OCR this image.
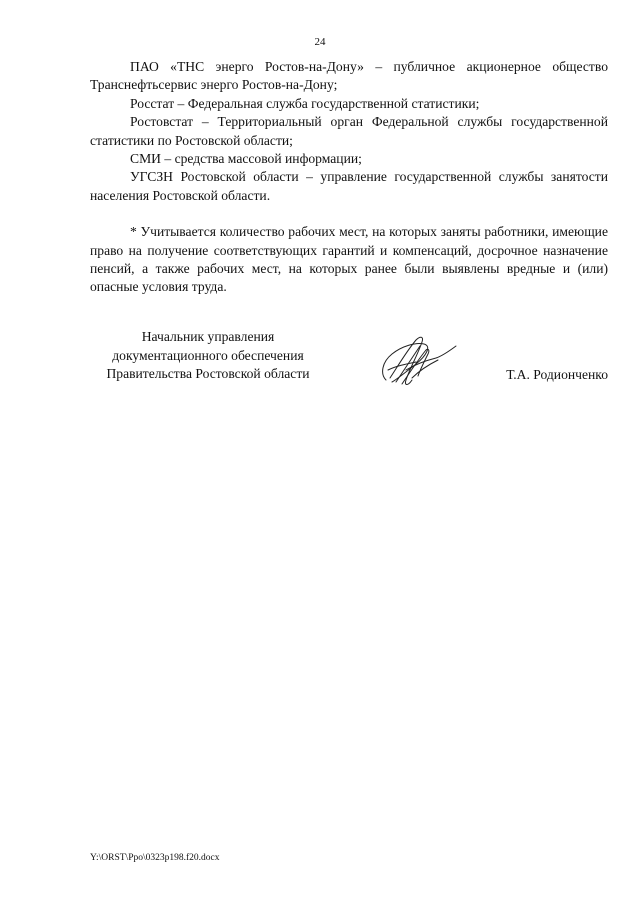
24

ПАО «ТНС энерго Ростов-на-Дону» – публичное акционерное общество Транснефтьсервис энерго Ростов-на-Дону;

Росстат – Федеральная служба государственной статистики;

Ростовстат – Территориальный орган Федеральной службы государственной статистики по Ростовской области;

СМИ – средства массовой информации;

УГСЗН Ростовской области – управление государственной службы занятости населения Ростовской области.

* Учитывается количество рабочих мест, на которых заняты работники, имеющие право на получение соответствующих гарантий и компенсаций, досрочное назначение пенсий, а также рабочих мест, на которых ранее были выявлены вредные и (или) опасные условия труда.

Начальник управления
документационного обеспечения
Правительства Ростовской области	Т.А. Родионченко
Y:\ORST\Ppo\0323p198.f20.docx
